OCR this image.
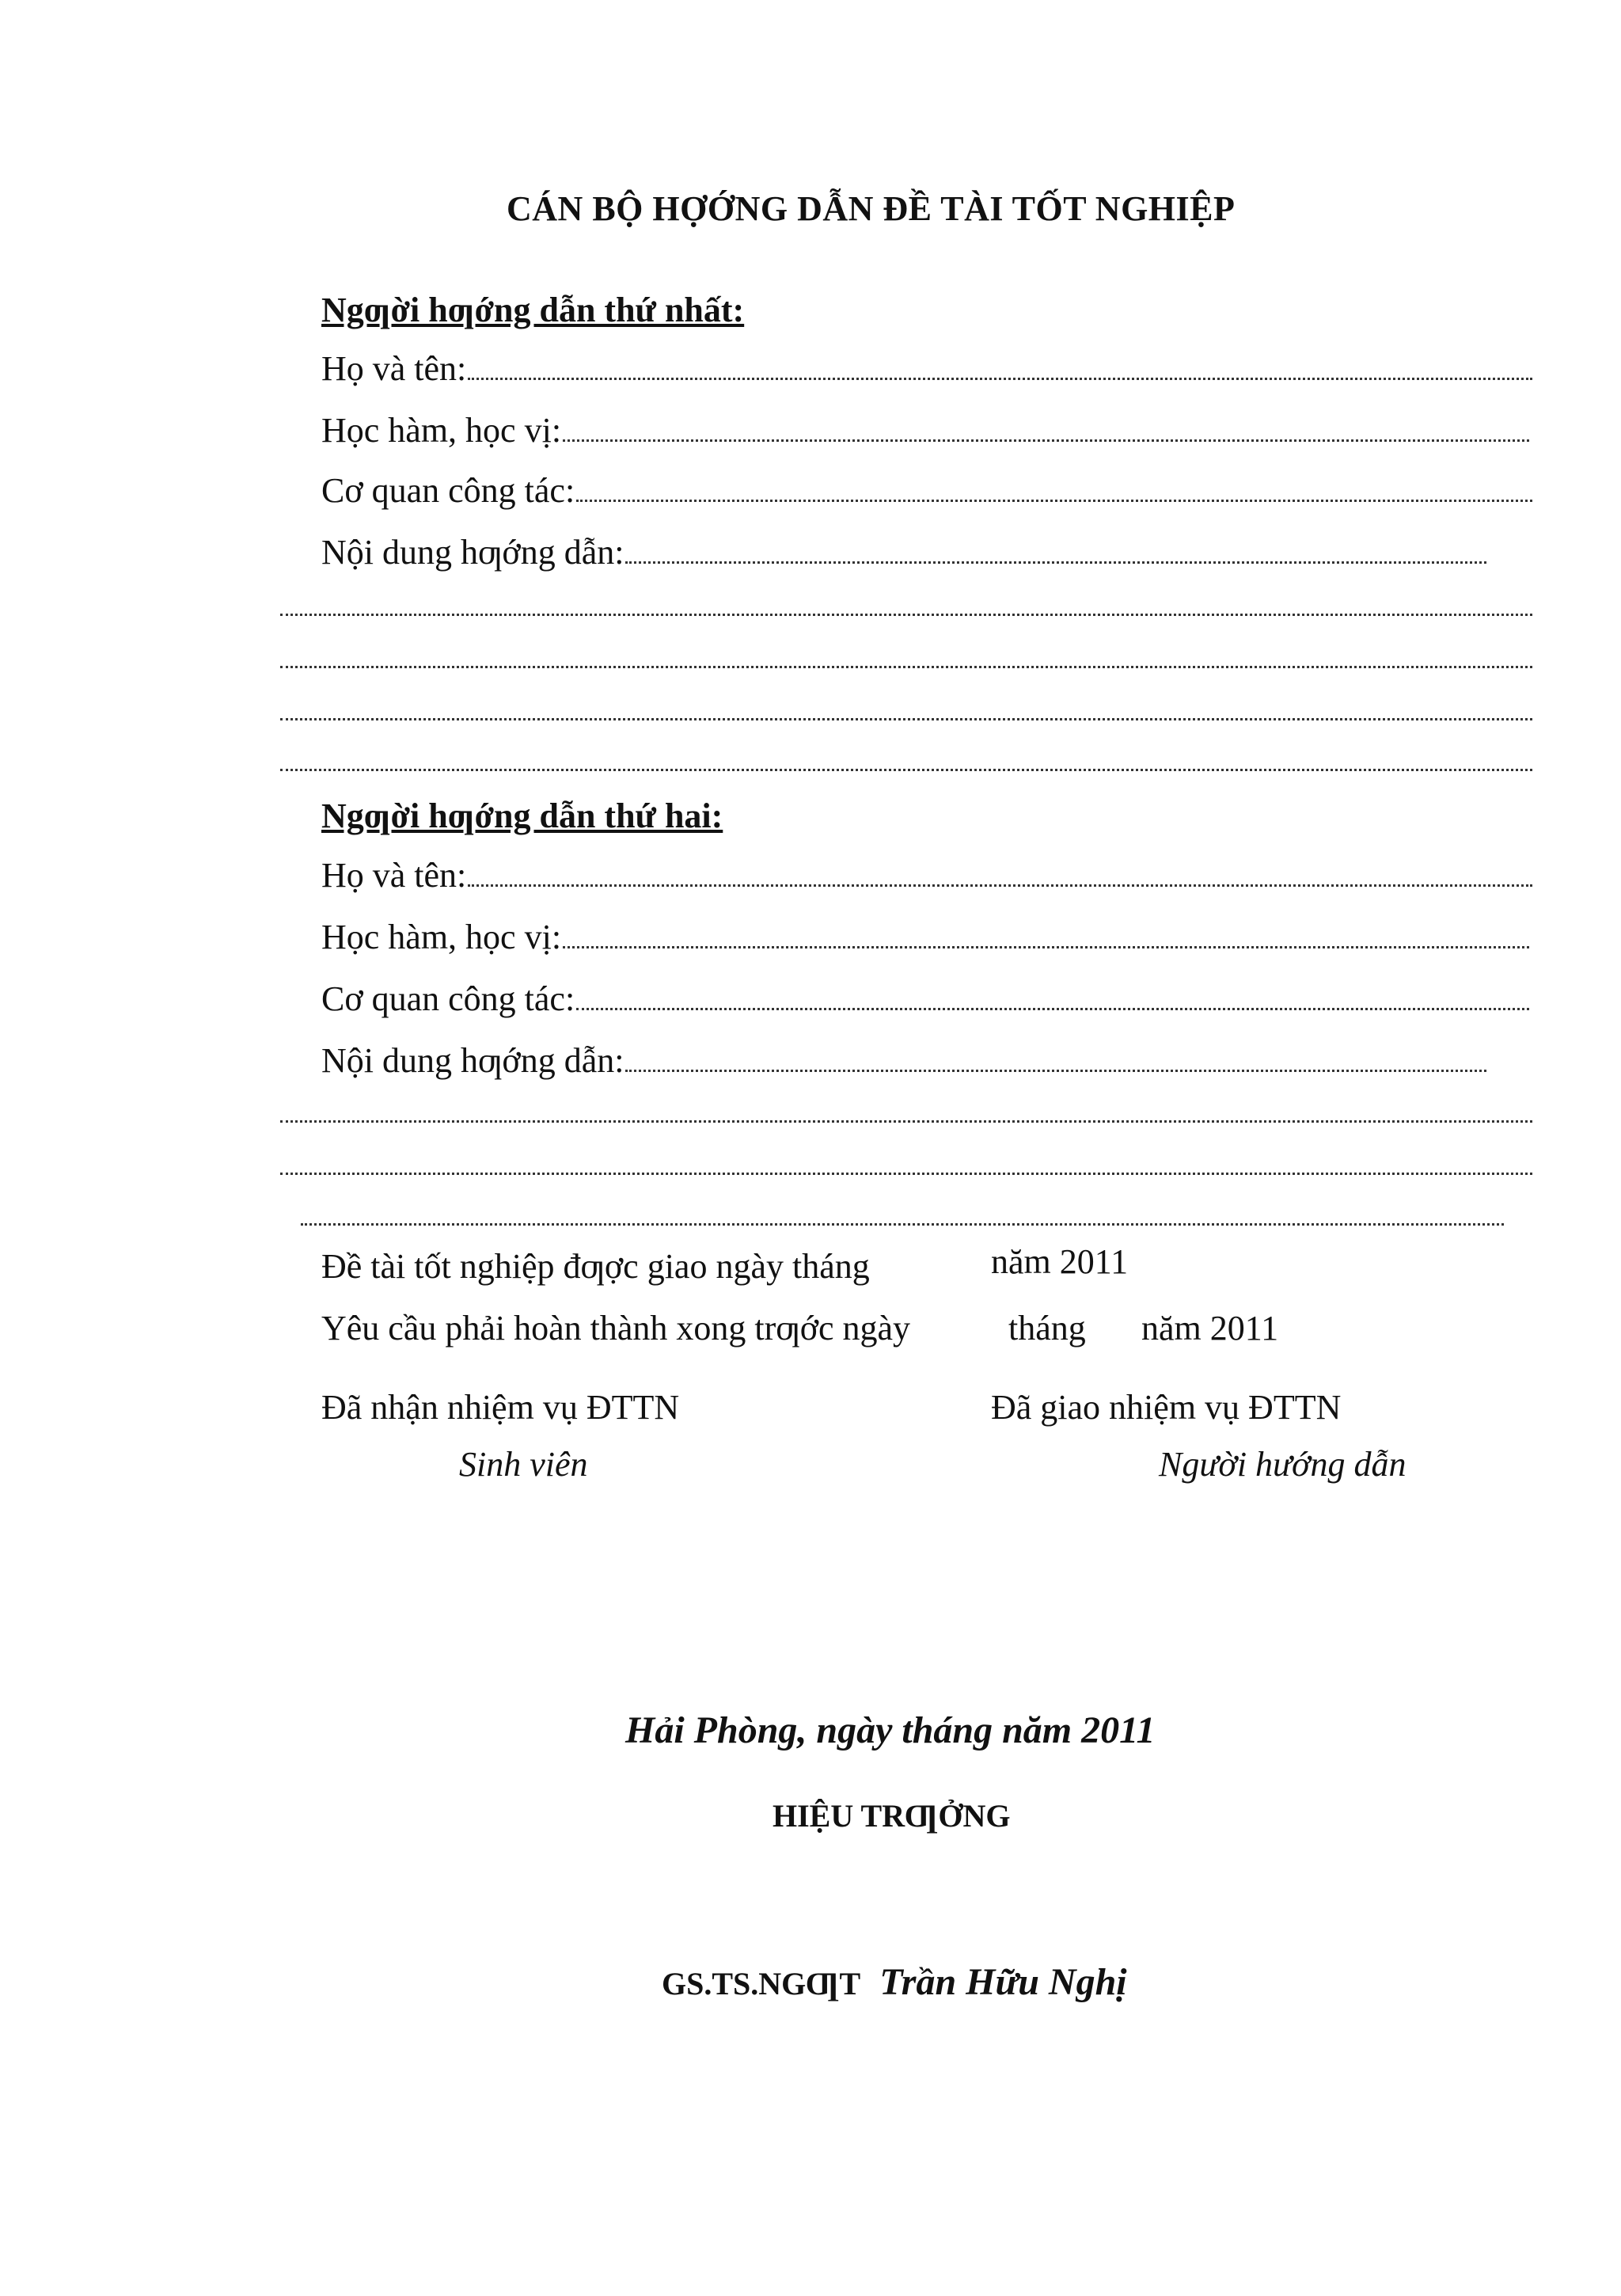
CÁN BỘ HỢỚNG DẪN ĐỀ TÀI TỐT NGHIỆP
Ngƣời hƣớng dẫn thứ nhất:
Họ và tên:
Học hàm, học vị:
Cơ quan công tác:
Nội dung hƣớng dẫn:
Ngƣời hƣớng dẫn thứ hai:
Họ và tên:
Học hàm, học vị:
Cơ quan công tác:
Nội dung hƣớng dẫn:
Đề tài tốt nghiệp đƣợc giao ngày tháng	năm 2011
Yêu cầu phải hoàn thành xong trƣớc ngày	tháng năm 2011
Đã nhận nhiệm vụ ĐTTN
Sinh viên
Đã giao nhiệm vụ ĐTTN
Người hướng dẫn
Hải Phòng, ngày tháng năm 2011
HIỆU TRƢỞNG
GS.TS.NGƢT Trần Hữu Nghị
